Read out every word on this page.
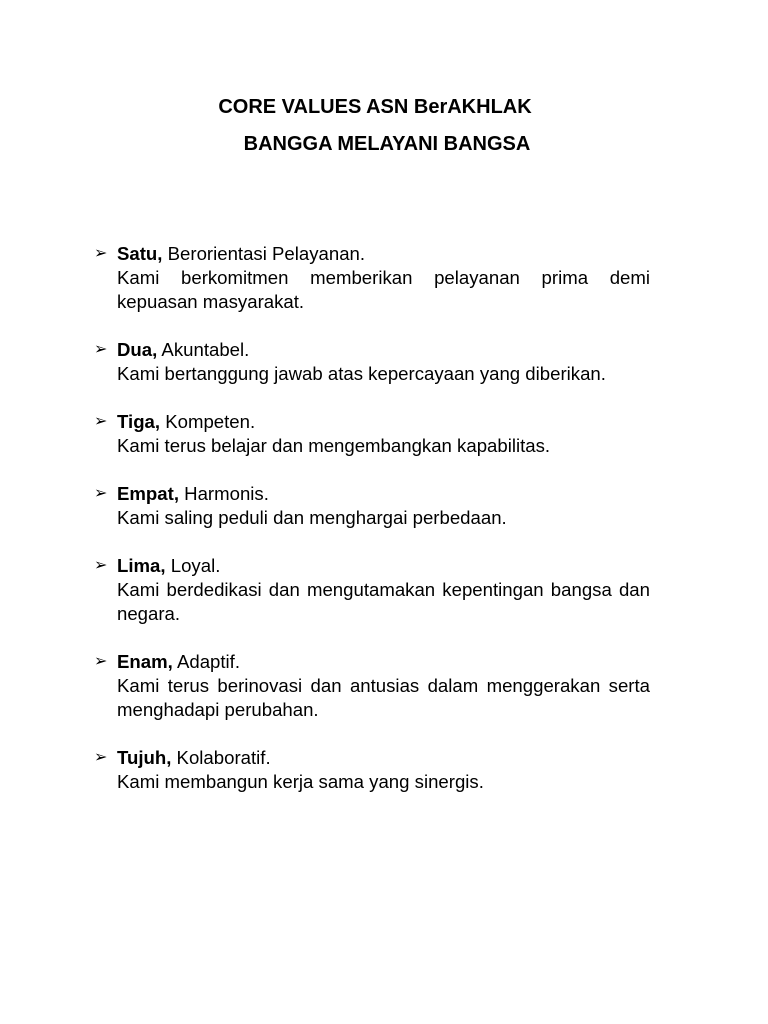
CORE VALUES ASN BerAKHLAK
BANGGA MELAYANI BANGSA
➢ Satu, Berorientasi Pelayanan.
Kami berkomitmen memberikan pelayanan prima demi kepuasan masyarakat.
➢ Dua, Akuntabel.
Kami bertanggung jawab atas kepercayaan yang diberikan.
➢ Tiga, Kompeten.
Kami terus belajar dan mengembangkan kapabilitas.
➢ Empat, Harmonis.
Kami saling peduli dan menghargai perbedaan.
➢ Lima, Loyal.
Kami berdedikasi dan mengutamakan kepentingan bangsa dan negara.
➢ Enam, Adaptif.
Kami terus berinovasi dan antusias dalam menggerakan serta menghadapi perubahan.
➢ Tujuh, Kolaboratif.
Kami membangun kerja sama yang sinergis.
